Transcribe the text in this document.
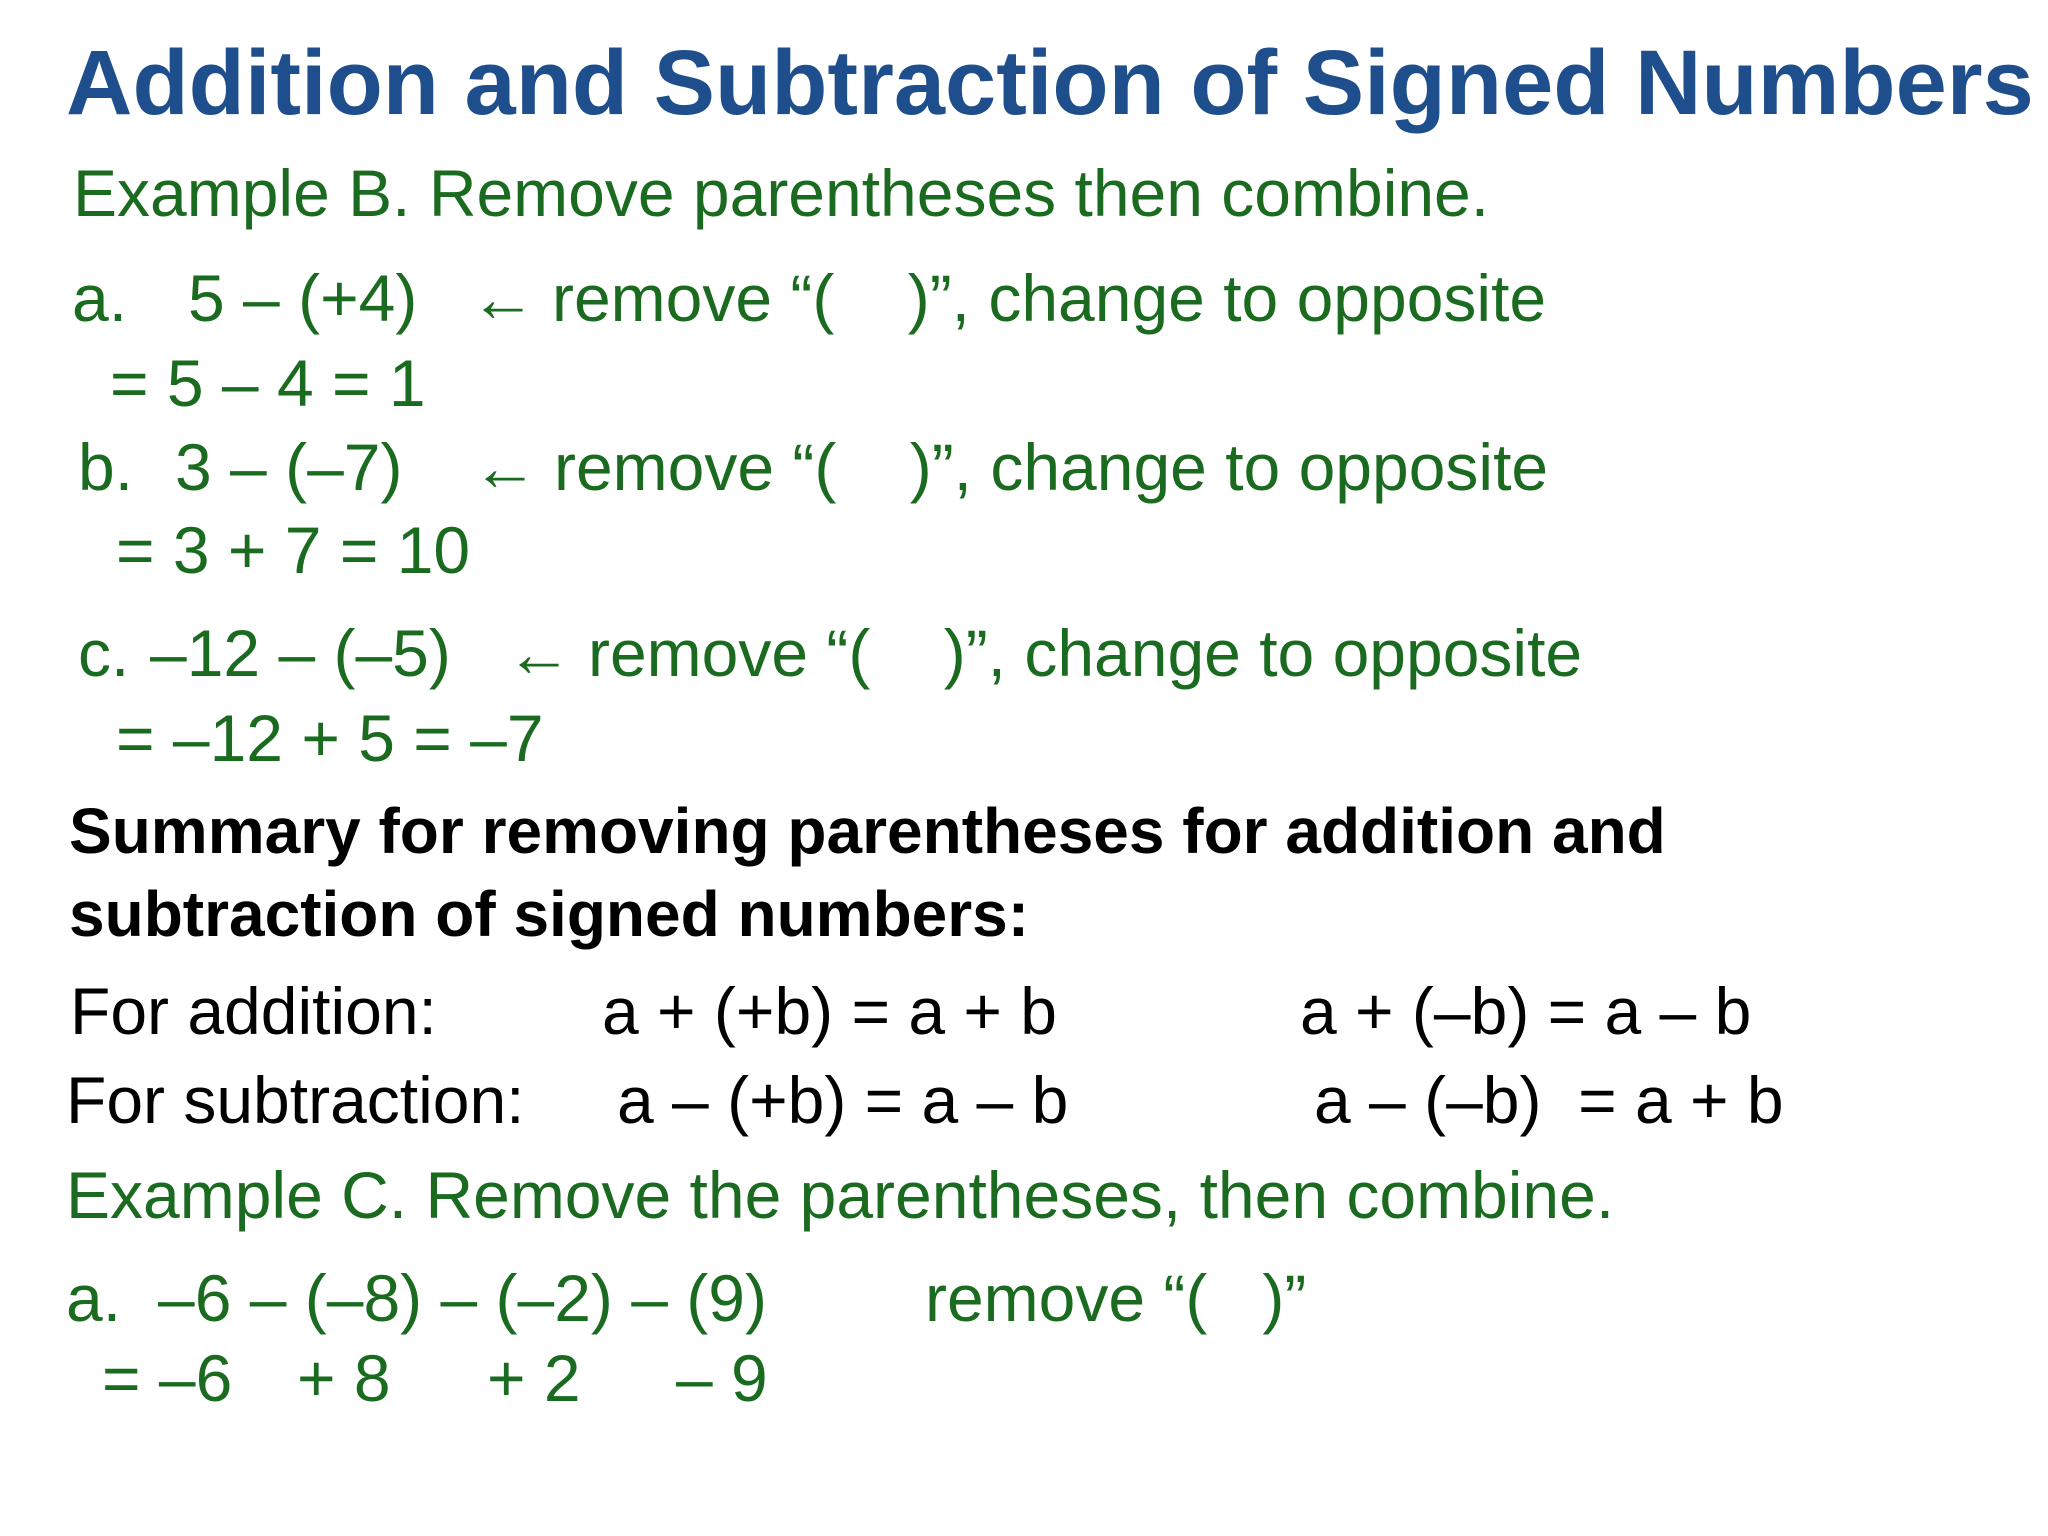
Addition and Subtraction of Signed Numbers
Example B. Remove parentheses then combine.
a. 5 – (+4) ← remove “(    )”, change to opposite
= 5 – 4 = 1
b. 3 – (–7) ← remove “(    )”, change to opposite
= 3 + 7 = 10
c. –12 – (–5) ← remove “(    )”, change to opposite
= –12 + 5 = –7
Summary for removing parentheses for addition and
subtraction of signed numbers:
For addition:	a + (+b) = a + b	a + (–b) = a – b
For subtraction: a – (+b) = a – b	a – (–b)  = a + b
Example C. Remove the parentheses, then combine.
a. –6 – (–8) – (–2) – (9) remove “(   )”
= –6 + 8 + 2 – 9
